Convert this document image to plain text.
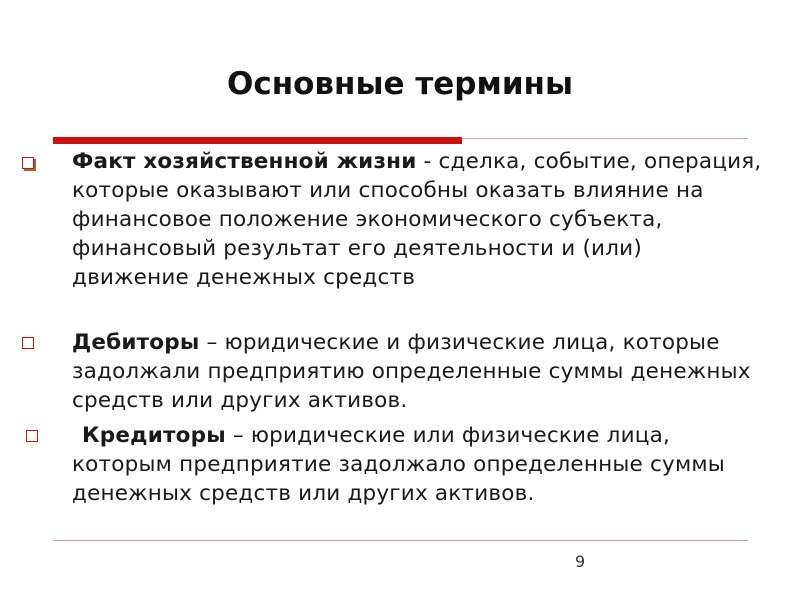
Основные термины
Факт хозяйственной жизни - сделка, событие, операция, которые оказывают или способны оказать влияние на финансовое положение экономического субъекта, финансовый результат его деятельности и (или) движение денежных средств
Дебиторы – юридические и физические лица, которые задолжали предприятию определенные суммы денежных средств или других активов.
Кредиторы – юридические или физические лица, которым предприятие задолжало определенные суммы денежных средств или других активов.
9
